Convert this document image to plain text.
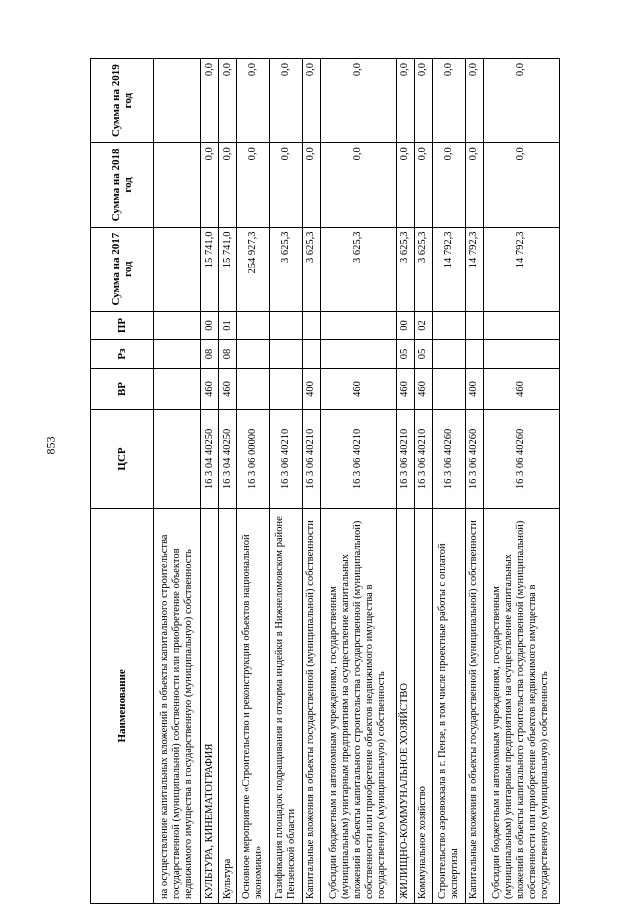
853
Наименование	ЦСР	ВР	Рз	ПР	Сумма на 2017 год	Сумма на 2018 год	Сумма на 2019 год
на осуществление капитальных вложений в объекты капитального строительства государственной (муниципальной) собственности или приобретение объектов недвижимого имущества в государственную (муниципальную) собственность							
КУЛЬТУРА, КИНЕМАТОГРАФИЯ	16 3 04 40250	460	08	00	15 741,0	0,0	0,0
Культура	16 3 04 40250	460	08	01	15 741,0	0,0	0,0
Основное мероприятие «Строительство и реконструкция объектов национальной экономики»	16 3 06 00000				254 927,3	0,0	0,0
Газификация площадок подращивания и откорма индейки в Нижнеломовском районе Пензенской области	16 3 06 40210				3 625,3	0,0	0,0
Капитальные вложения в объекты государственной (муниципальной) собственности	16 3 06 40210	400			3 625,3	0,0	0,0
Субсидии бюджетным и автономным учреждениям, государственным (муниципальным) унитарным предприятиям на осуществление капитальных вложений в объекты капитального строительства государственной (муниципальной) собственности или приобретение объектов недвижимого имущества в государственную (муниципальную) собственность	16 3 06 40210	460			3 625,3	0,0	0,0
ЖИЛИЩНО-КОММУНАЛЬНОЕ ХОЗЯЙСТВО	16 3 06 40210	460	05	00	3 625,3	0,0	0,0
Коммунальное хозяйство	16 3 06 40210	460	05	02	3 625,3	0,0	0,0
Строительство аэровокзала в г. Пензе, в том числе проектные работы с оплатой экспертизы	16 3 06 40260				14 792,3	0,0	0,0
Капитальные вложения в объекты государственной (муниципальной) собственности	16 3 06 40260	400			14 792,3	0,0	0,0
Субсидии бюджетным и автономным учреждениям, государственным (муниципальным) унитарным предприятиям на осуществление капитальных вложений в объекты капитального строительства государственной (муниципальной) собственности или приобретение объектов недвижимого имущества в государственную (муниципальную) собственность	16 3 06 40260	460			14 792,3	0,0	0,0
